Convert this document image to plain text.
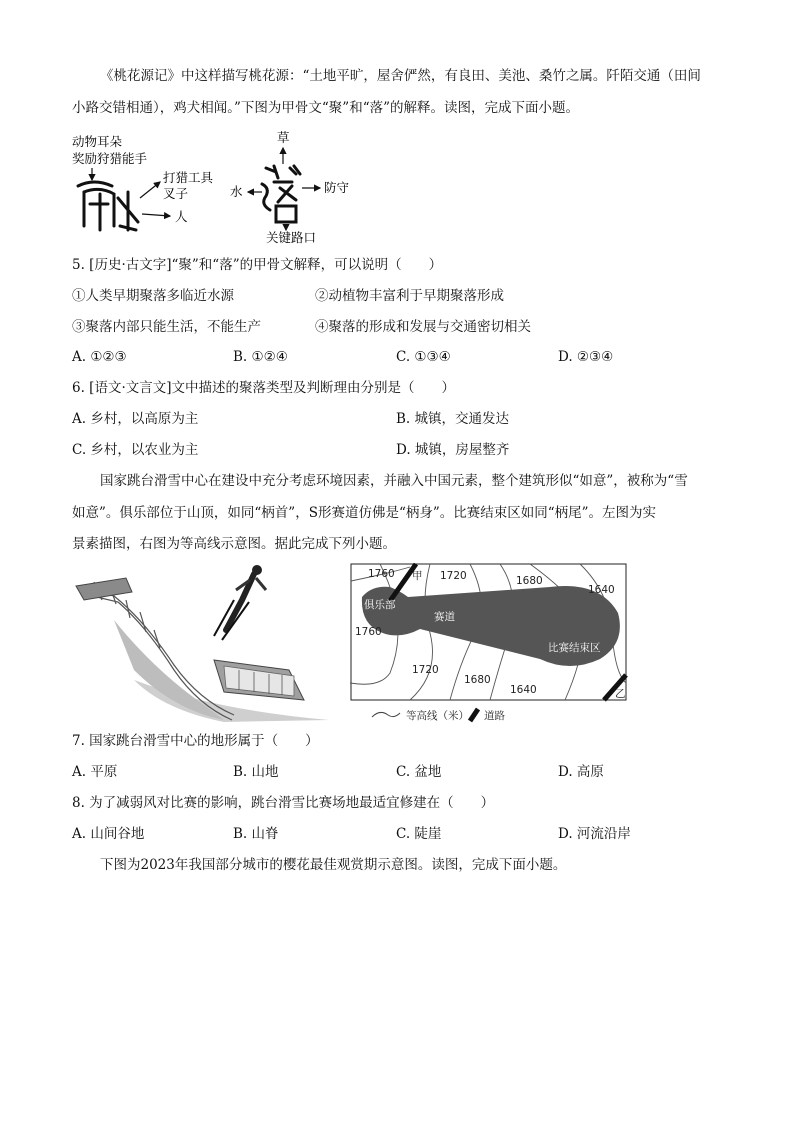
《桃花源记》中这样描写桃花源：“土地平旷，屋舍俨然，有良田、美池、桑竹之属。阡陌交通（田间
小路交错相通），鸡犬相闻。”下图为甲骨文“聚”和“落”的解释。读图，完成下面小题。
动物耳朵
奖励狩猎能手
打猎工具
叉子
人
草
水	防守
关键路口
5. [历史·古文字]“聚”和“落”的甲骨文解释，可以说明（　　）
①人类早期聚落多临近水源	②动植物丰富利于早期聚落形成
③聚落内部只能生活，不能生产	④聚落的形成和发展与交通密切相关
A. ①②③	B. ①②④	C. ①③④	D. ②③④
6. [语文·文言文]文中描述的聚落类型及判断理由分别是（　　）
A. 乡村，以高原为主	B. 城镇，交通发达
C. 乡村，以农业为主	D. 城镇，房屋整齐
国家跳台滑雪中心在建设中充分考虑环境因素，并融入中国元素，整个建筑形似“如意”，被称为“雪
如意”。俱乐部位于山顶，如同“柄首”，S形赛道仿佛是“柄身”。比赛结束区如同“柄尾”。左图为实
景素描图，右图为等高线示意图。据此完成下列小题。
1760	1720	1680
1640
1760
1720
1680
1640
甲
乙
俱乐部
赛道
比赛结束区
等高线（米） 道路
7. 国家跳台滑雪中心的地形属于（　　）
A. 平原	B. 山地	C. 盆地	D. 高原
8. 为了减弱风对比赛的影响，跳台滑雪比赛场地最适宜修建在（　　）
A. 山间谷地	B. 山脊	C. 陡崖	D. 河流沿岸
下图为2023年我国部分城市的樱花最佳观赏期示意图。读图，完成下面小题。
